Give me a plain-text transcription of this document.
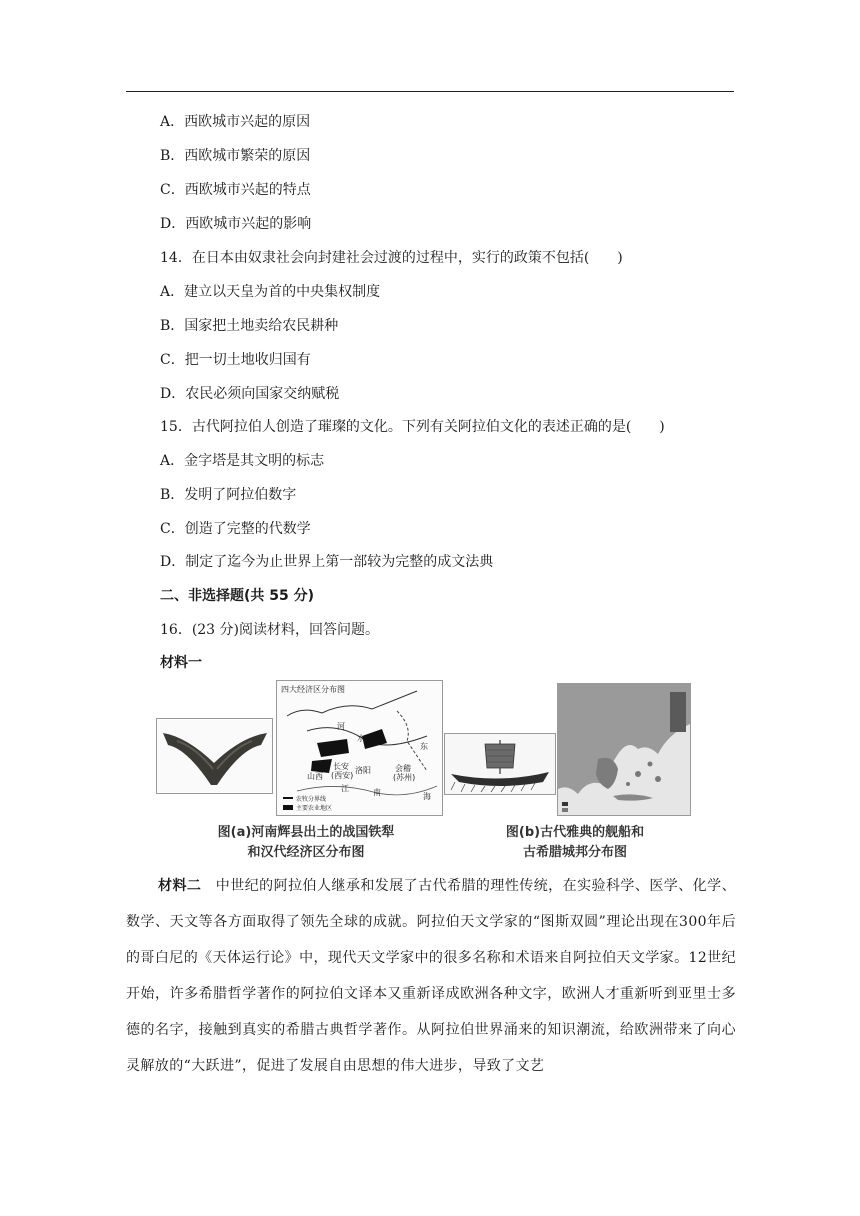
A．西欧城市兴起的原因
B．西欧城市繁荣的原因
C．西欧城市兴起的特点
D．西欧城市兴起的影响
14．在日本由奴隶社会向封建社会过渡的过程中，实行的政策不包括(　　)
A．建立以天皇为首的中央集权制度
B．国家把土地卖给农民耕种
C．把一切土地收归国有
D．农民必须向国家交纳赋税
15．古代阿拉伯人创造了璀璨的文化。下列有关阿拉伯文化的表述正确的是(　　)
A．金字塔是其文明的标志
B．发明了阿拉伯数字
C．创造了完整的代数学
D．制定了迄今为止世界上第一部较为完整的成文法典
二、非选择题(共 55 分)
16．(23 分)阅读材料，回答问题。
材料一
四大经济区分布图
河
水
东
山西
长安
(西安)
洛阳	会稽
(苏州)
江	南	海
农牧分界线
主要农业地区
图(a)河南辉县出土的战国铁犁
和汉代经济区分布图
图(b)古代雅典的舰船和
古希腊城邦分布图
材料二　中世纪的阿拉伯人继承和发展了古代希腊的理性传统，在实验科学、医学、化学、数学、天文等各方面取得了领先全球的成就。阿拉伯天文学家的“图斯双圆”理论出现在300年后的哥白尼的《天体运行论》中，现代天文学家中的很多名称和术语来自阿拉伯天文学家。12世纪开始，许多希腊哲学著作的阿拉伯文译本又重新译成欧洲各种文字，欧洲人才重新听到亚里士多德的名字，接触到真实的希腊古典哲学著作。从阿拉伯世界涌来的知识潮流，给欧洲带来了向心灵解放的“大跃进”，促进了发展自由思想的伟大进步，导致了文艺
